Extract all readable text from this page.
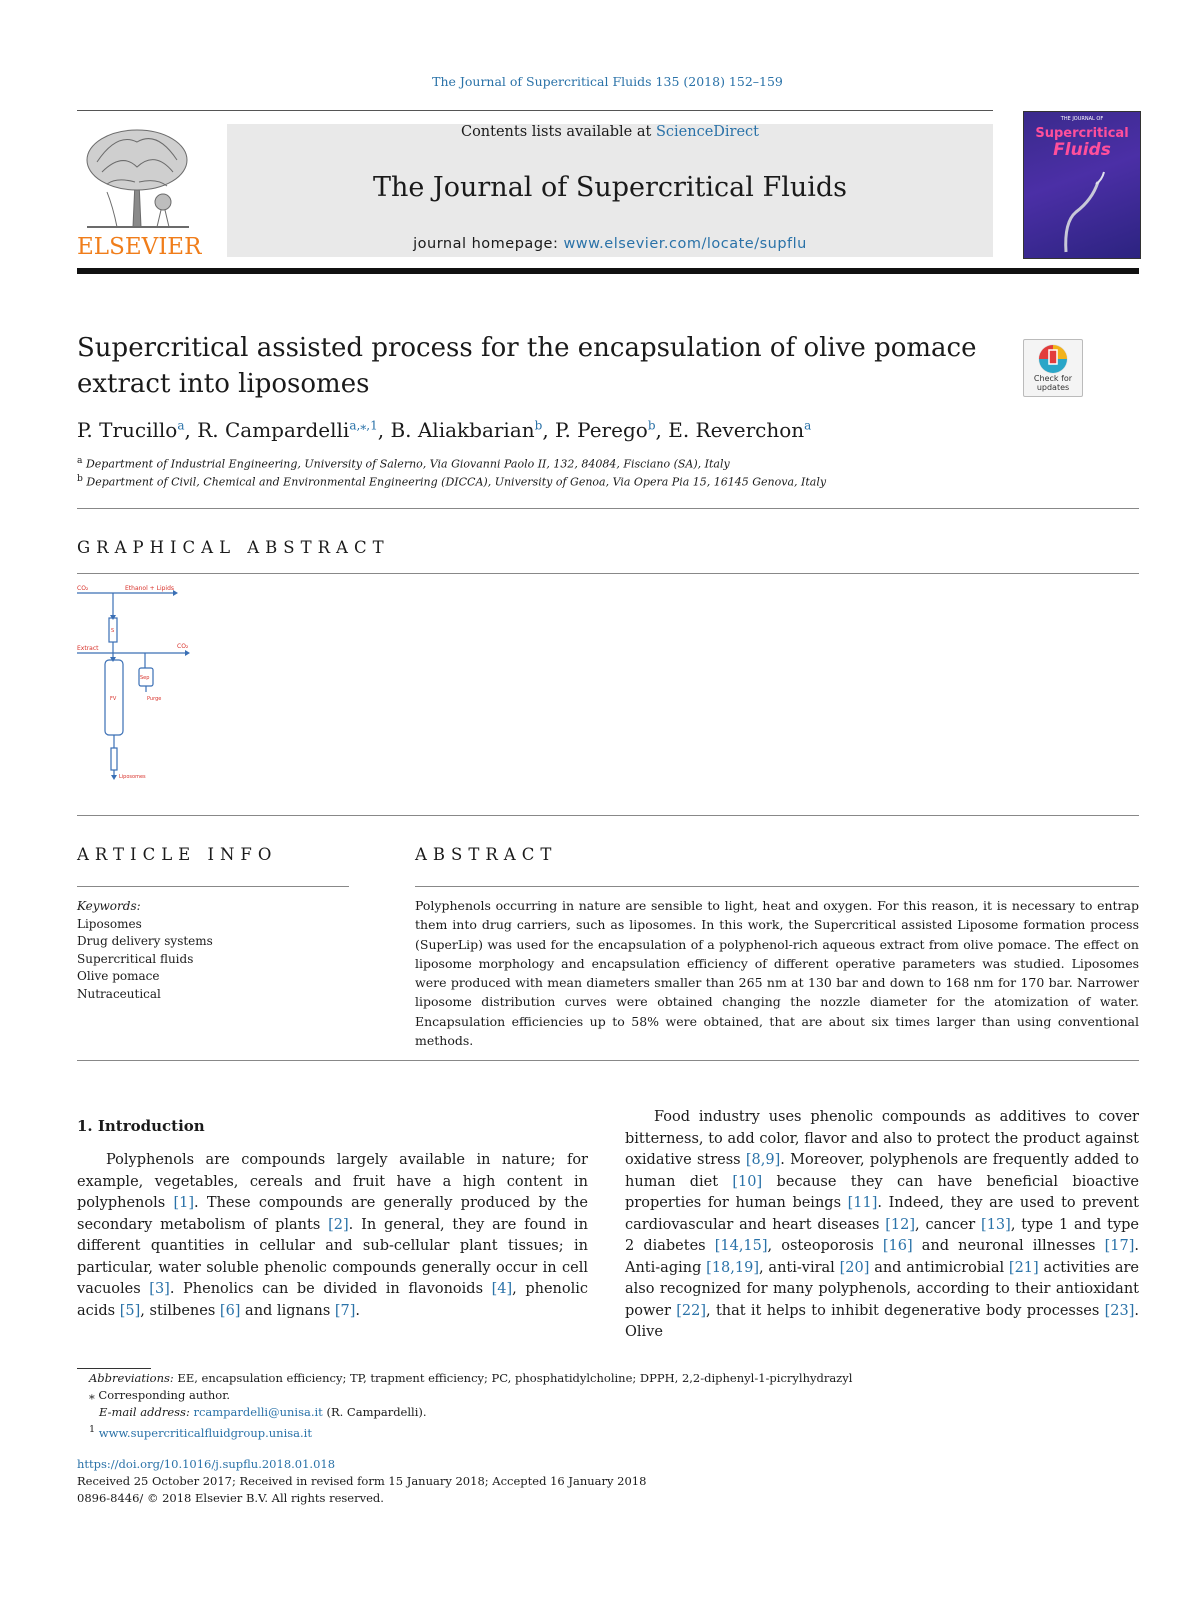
The Journal of Supercritical Fluids 135 (2018) 152–159
ELSEVIER
Contents lists available at ScienceDirect
The Journal of Supercritical Fluids
journal homepage: www.elsevier.com/locate/supflu
THE JOURNAL OF
Supercritical
Fluids
Supercritical assisted process for the encapsulation of olive pomace extract into liposomes	Check for updates
P. Trucillo$^a$, R. Campardelli$^{a,⁎,1}$, B. Aliakbarian$^b$, P. Perego$^b$, E. Reverchon$^a$
$^a$ Department of Industrial Engineering, University of Salerno, Via Giovanni Paolo II, 132, 84084, Fisciano (SA), Italy
$^b$ Department of Civil, Chemical and Environmental Engineering (DICCA), University of Genoa, Via Opera Pia 15, 16145 Genova, Italy
GRAPHICAL ABSTRACT
CO₂	Ethanol + Lipids
Extract	CO₂
S
Sep
Purge
FV
Liposomes
ARTICLE INFO	ABSTRACT
Keywords:
Liposomes
Drug delivery systems
Supercritical fluids
Olive pomace
Nutraceutical
Polyphenols occurring in nature are sensible to light, heat and oxygen. For this reason, it is necessary to entrap them into drug carriers, such as liposomes. In this work, the Supercritical assisted Liposome formation process (SuperLip) was used for the encapsulation of a polyphenol-rich aqueous extract from olive pomace. The effect on liposome morphology and encapsulation efficiency of different operative parameters was studied. Liposomes were produced with mean diameters smaller than 265 nm at 130 bar and down to 168 nm for 170 bar. Narrower liposome distribution curves were obtained changing the nozzle diameter for the atomization of water. Encapsulation efficiencies up to 58% were obtained, that are about six times larger than using conventional methods.
1. Introduction
  Polyphenols are compounds largely available in nature; for example, vegetables, cereals and fruit have a high content in polyphenols [1]. These compounds are generally produced by the secondary metabolism of plants [2]. In general, they are found in different quantities in cellular and sub-cellular plant tissues; in particular, water soluble phenolic compounds generally occur in cell vacuoles [3]. Phenolics can be divided in flavonoids [4], phenolic acids [5], stilbenes [6] and lignans [7].
  Food industry uses phenolic compounds as additives to cover bitterness, to add color, flavor and also to protect the product against oxidative stress [8,9]. Moreover, polyphenols are frequently added to human diet [10] because they can have beneficial bioactive properties for human beings [11]. Indeed, they are used to prevent cardiovascular and heart diseases [12], cancer [13], type 1 and type 2 diabetes [14,15], osteoporosis [16] and neuronal illnesses [17]. Anti-aging [18,19], anti-viral [20] and antimicrobial [21] activities are also recognized for many polyphenols, according to their antioxidant power [22], that it helps to inhibit degenerative body processes [23]. Olive
Abbreviations: EE, encapsulation efficiency; TP, trapment efficiency; PC, phosphatidylcholine; DPPH, 2,2-diphenyl-1-picrylhydrazyl
⁎ Corresponding author.
E-mail address: rcampardelli@unisa.it (R. Campardelli).
$^1$ www.supercriticalfluidgroup.unisa.it
https://doi.org/10.1016/j.supflu.2018.01.018
Received 25 October 2017; Received in revised form 15 January 2018; Accepted 16 January 2018
0896-8446/ © 2018 Elsevier B.V. All rights reserved.
